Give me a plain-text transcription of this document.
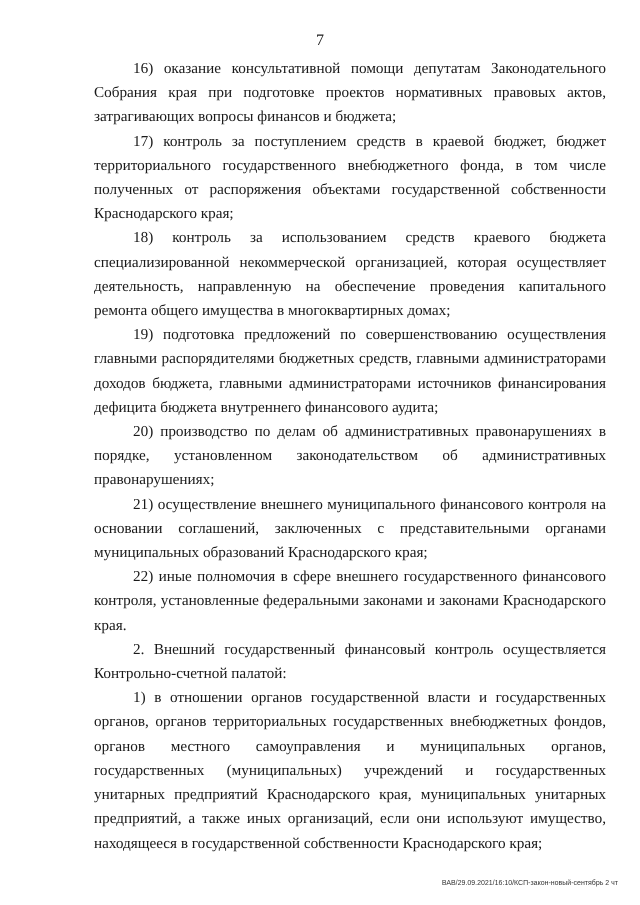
7

16) оказание консультативной помощи депутатам Законодательного Собрания края при подготовке проектов нормативных правовых актов, затрагивающих вопросы финансов и бюджета;

17) контроль за поступлением средств в краевой бюджет, бюджет территориального государственного внебюджетного фонда, в том числе полученных от распоряжения объектами государственной собственности Краснодарского края;

18) контроль за использованием средств краевого бюджета специализированной некоммерческой организацией, которая осуществляет деятельность, направленную на обеспечение проведения капитального ремонта общего имущества в многоквартирных домах;

19) подготовка предложений по совершенствованию осуществления главными распорядителями бюджетных средств, главными администраторами доходов бюджета, главными администраторами источников финансирования дефицита бюджета внутреннего финансового аудита;

20) производство по делам об административных правонарушениях в порядке, установленном законодательством об административных правонарушениях;

21) осуществление внешнего муниципального финансового контроля на основании соглашений, заключенных с представительными органами муниципальных образований Краснодарского края;

22) иные полномочия в сфере внешнего государственного финансового контроля, установленные федеральными законами и законами Краснодарского края.

2. Внешний государственный финансовый контроль осуществляется Контрольно-счетной палатой:

1) в отношении органов государственной власти и государственных органов, органов территориальных государственных внебюджетных фондов, органов местного самоуправления и муниципальных органов, государственных (муниципальных) учреждений и государственных унитарных предприятий Краснодарского края, муниципальных унитарных предприятий, а также иных организаций, если они используют имущество, находящееся в государственной собственности Краснодарского края;

ВАВ/29.09.2021/16:10/КСП-закон-новый-сентябрь 2 чт
